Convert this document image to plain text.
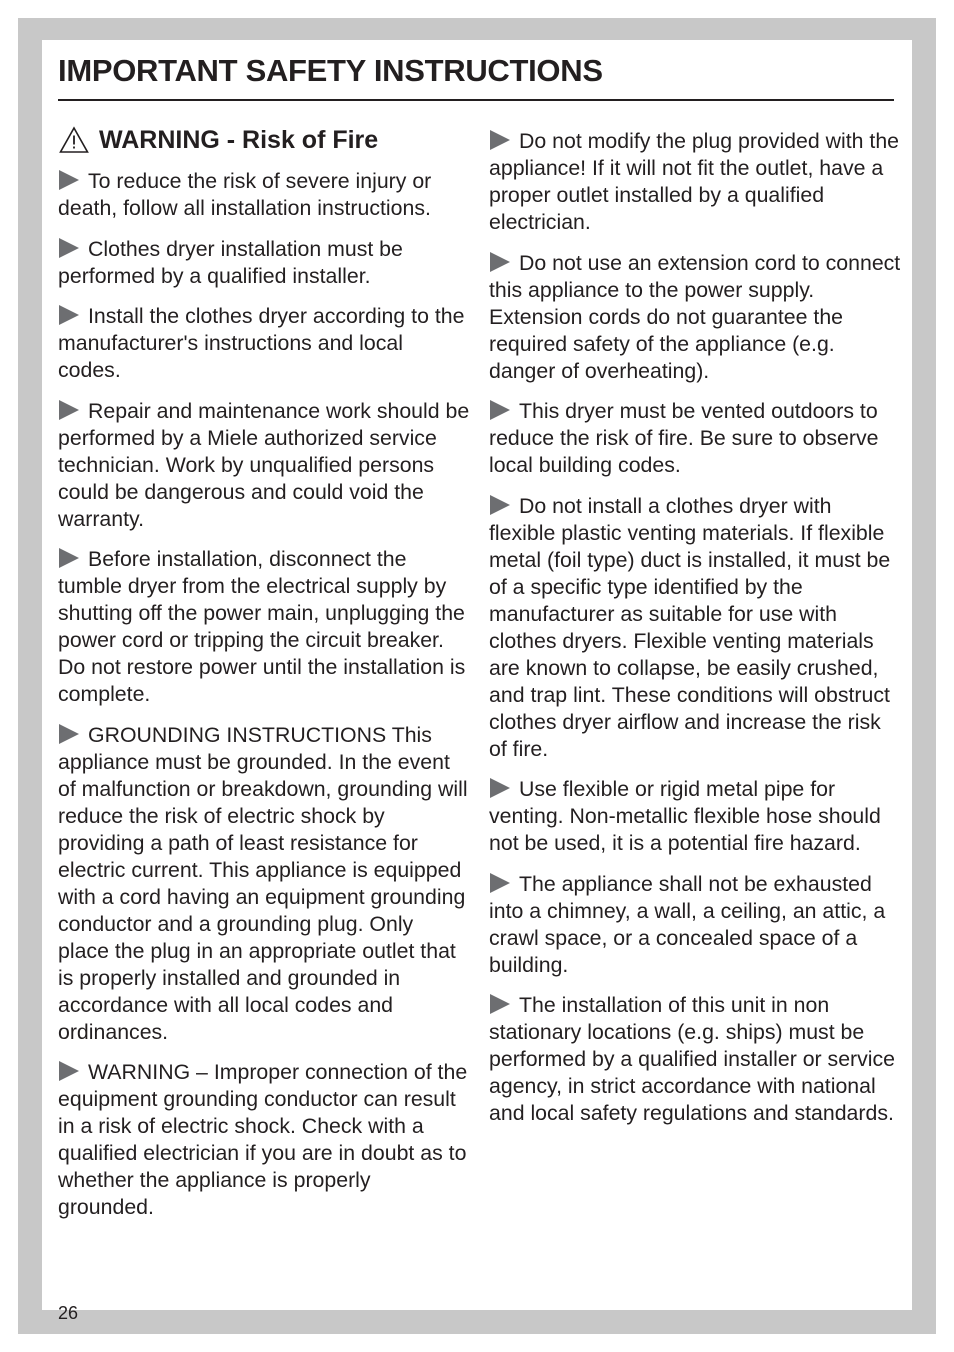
IMPORTANT SAFETY INSTRUCTIONS
WARNING - Risk of Fire

To reduce the risk of severe injury or death, follow all installation instructions.

Clothes dryer installation must be performed by a qualified installer.

Install the clothes dryer according to the manufacturer's instructions and local codes.

Repair and maintenance work should be performed by a Miele authorized service technician. Work by unqualified persons could be dangerous and could void the warranty.

Before installation, disconnect the tumble dryer from the electrical supply by shutting off the power main, unplugging the power cord or tripping the circuit breaker. Do not restore power until the installation is complete.

GROUNDING INSTRUCTIONS This appliance must be grounded. In the event of malfunction or breakdown, grounding will reduce the risk of electric shock by providing a path of least resistance for electric current. This appliance is equipped with a cord having an equipment grounding conductor and a grounding plug. Only place the plug in an appropriate outlet that is properly installed and grounded in accordance with all local codes and ordinances.

WARNING – Improper connection of the equipment grounding conductor can result in a risk of electric shock. Check with a qualified electrician if you are in doubt as to whether the appliance is properly grounded.

Do not modify the plug provided with the appliance! If it will not fit the outlet, have a proper outlet installed by a qualified electrician.

Do not use an extension cord to connect this appliance to the power supply. Extension cords do not guarantee the required safety of the appliance (e.g. danger of overheating).

This dryer must be vented outdoors to reduce the risk of fire. Be sure to observe local building codes.

Do not install a clothes dryer with flexible plastic venting materials. If flexible metal (foil type) duct is installed, it must be of a specific type identified by the manufacturer as suitable for use with clothes dryers. Flexible venting materials are known to collapse, be easily crushed, and trap lint. These conditions will obstruct clothes dryer airflow and increase the risk of fire.

Use flexible or rigid metal pipe for venting. Non-metallic flexible hose should not be used, it is a potential fire hazard.

The appliance shall not be exhausted into a chimney, a wall, a ceiling, an attic, a crawl space, or a concealed space of a building.

The installation of this unit in non stationary locations (e.g. ships) must be performed by a qualified installer or service agency, in strict accordance with national and local safety regulations and standards.

26
